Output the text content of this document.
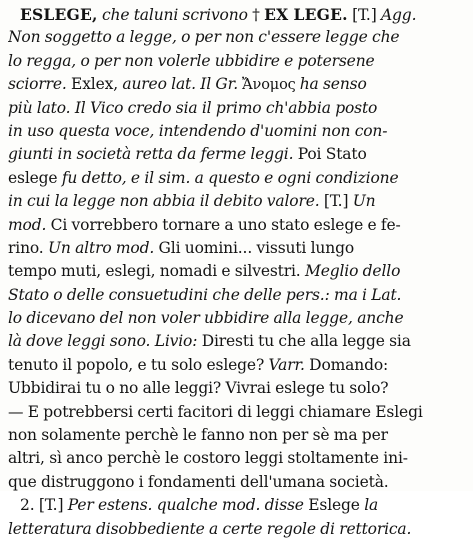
ESLEGE, che taluni scrivono † EX LEGE. [T.] Agg.
Non soggetto a legge, o per non c'essere legge che
lo regga, o per non volerle ubbidire e potersene
sciorre. Exlex, aureo lat. Il Gr. Ἄνομος ha senso
più lato. Il Vico credo sia il primo ch'abbia posto
in uso questa voce, intendendo d'uomini non con-
giunti in società retta da ferme leggi. Poi Stato
eslege fu detto, e il sim. a questo e ogni condizione
in cui la legge non abbia il debito valore. [T.] Un
mod. Ci vorrebbero tornare a uno stato eslege e fe-
rino. Un altro mod. Gli uomini... vissuti lungo
tempo muti, eslegi, nomadi e silvestri. Meglio dello
Stato o delle consuetudini che delle pers.: ma i Lat.
lo dicevano del non voler ubbidire alla legge, anche
là dove leggi sono. Livio: Diresti tu che alla legge sia
tenuto il popolo, e tu solo eslege? Varr. Domando:
Ubbidirai tu o no alle leggi? Vivrai eslege tu solo?
— E potrebbersi certi facitori di leggi chiamare Eslegi
non solamente perchè le fanno non per sè ma per
altri, sì anco perchè le costoro leggi stoltamente ini-
que distruggono i fondamenti dell'umana società.
2. [T.] Per estens. qualche mod. disse Eslege la
letteratura disobbediente a certe regole di rettorica.
